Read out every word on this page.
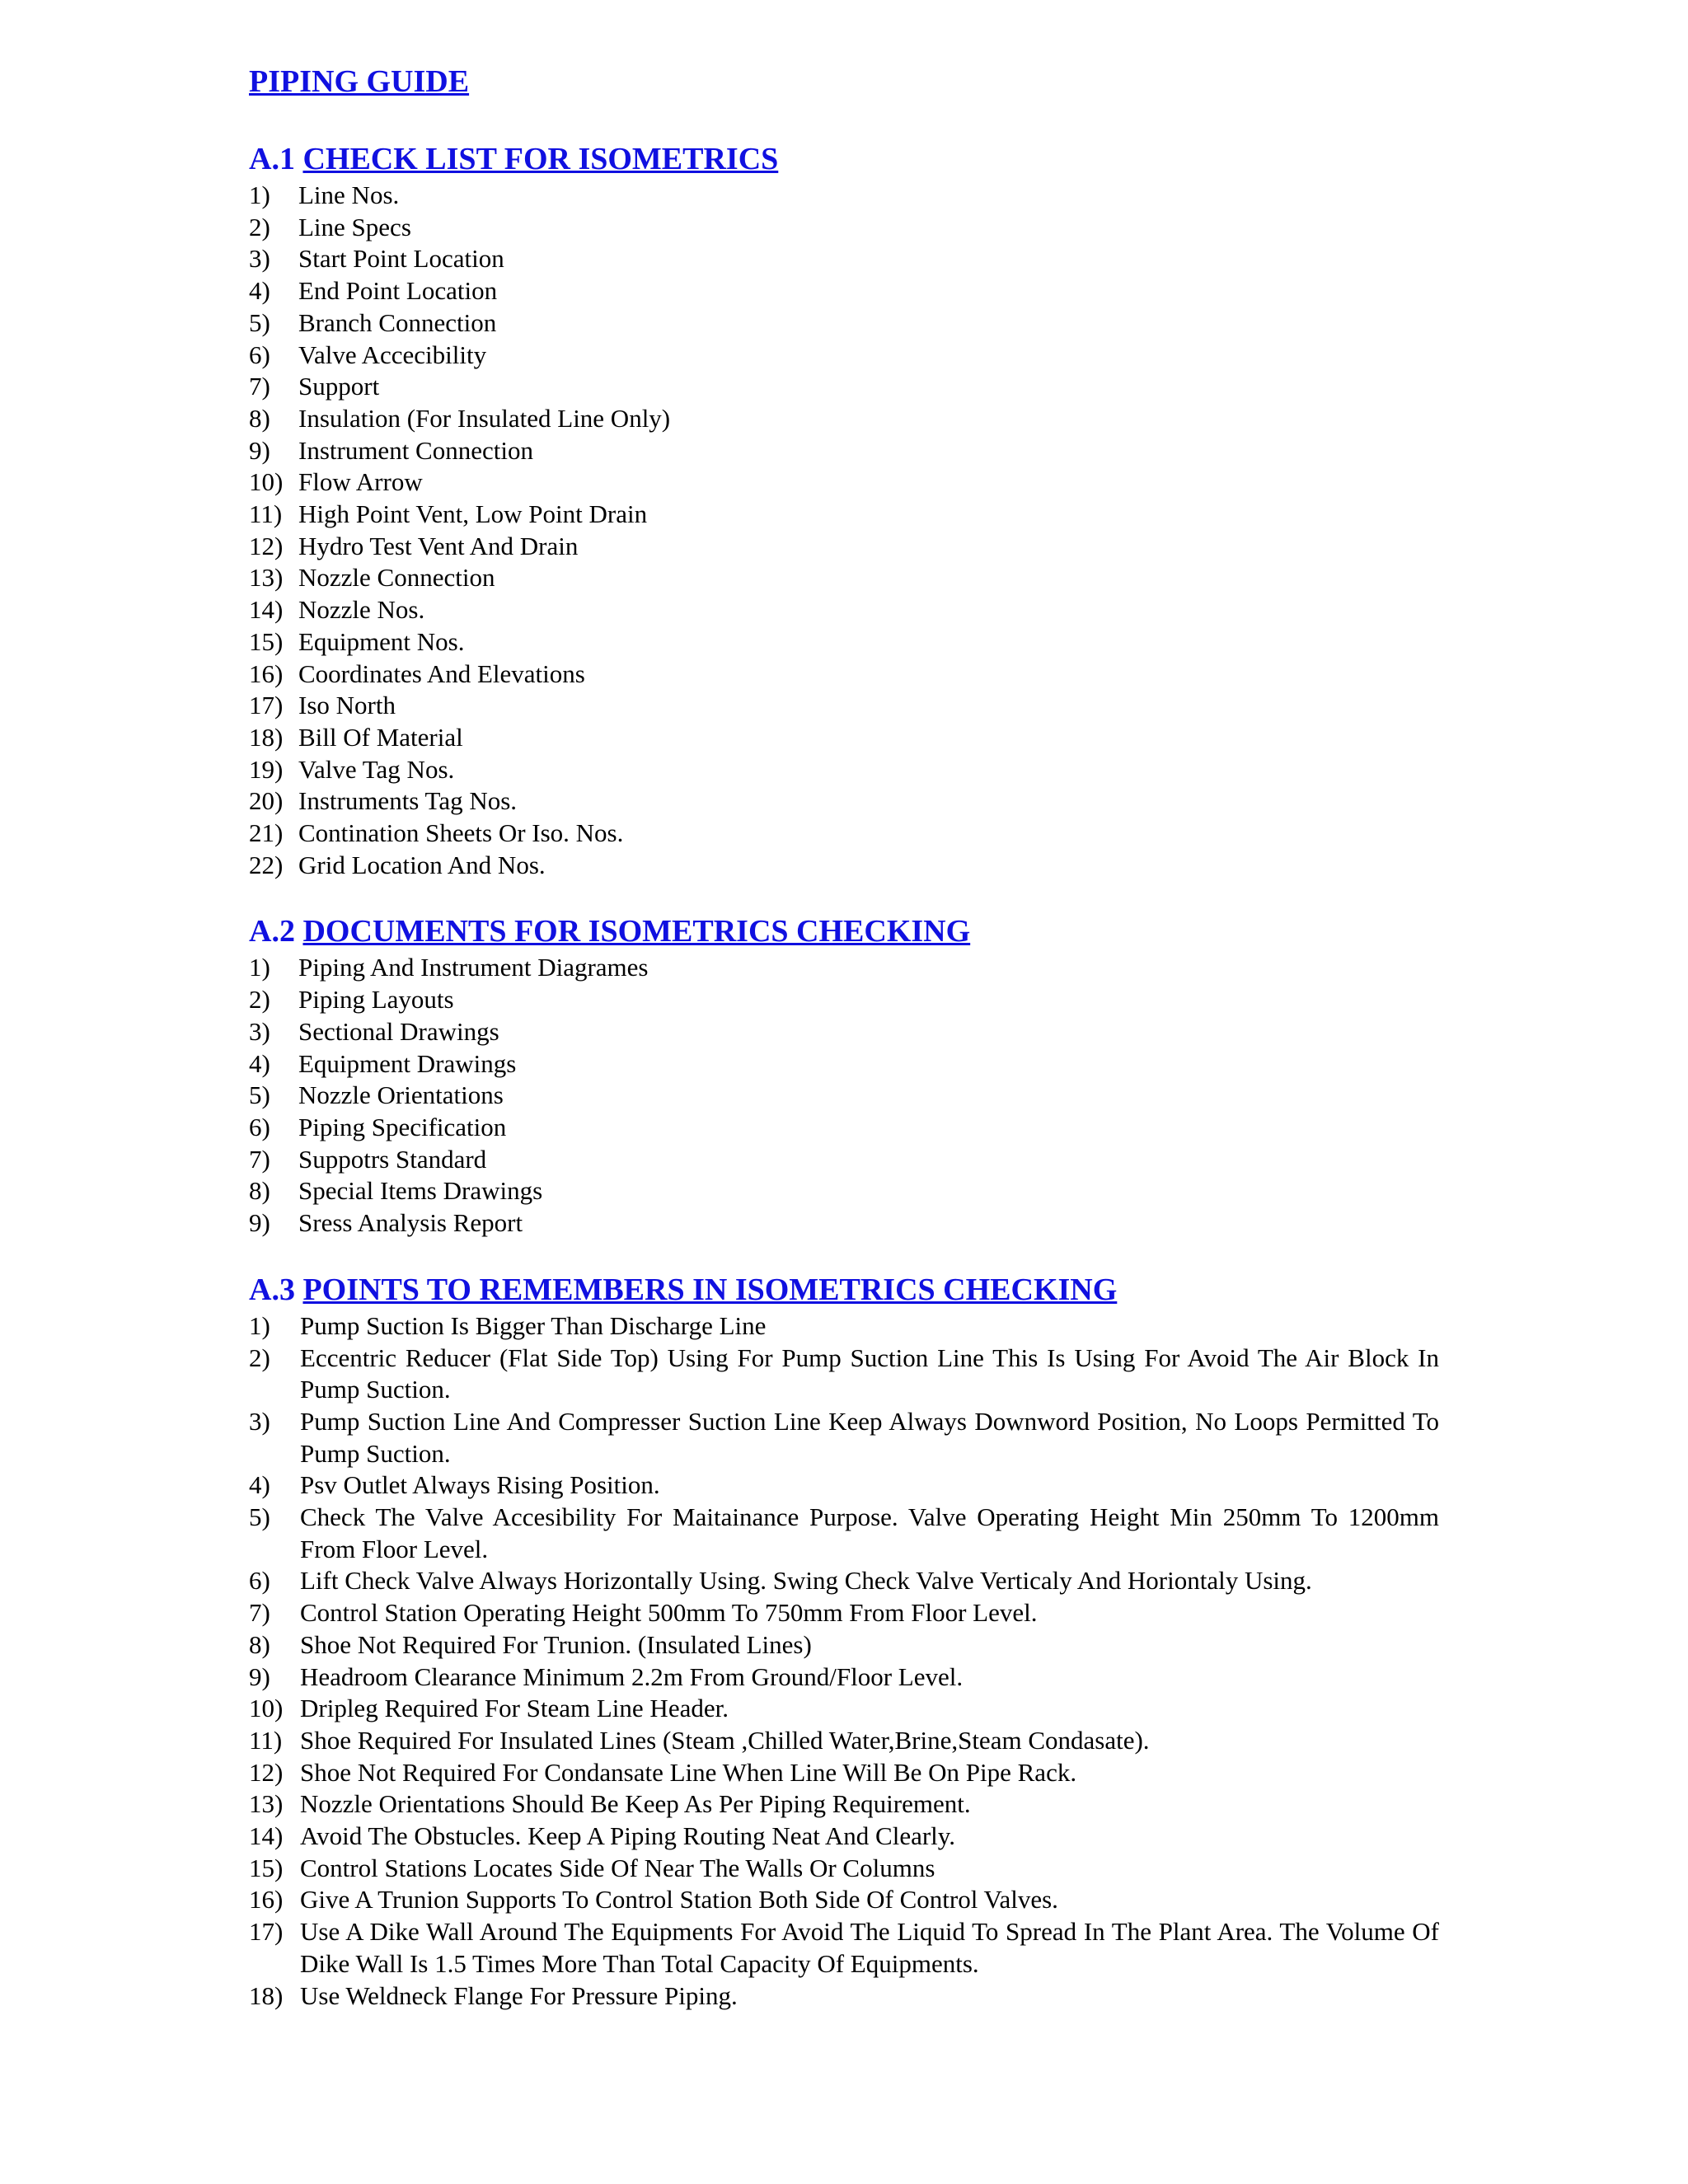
PIPING GUIDE
A.1 CHECK LIST FOR ISOMETRICS
1)	Line Nos.
2)	Line Specs
3)	Start Point Location
4)	End Point Location
5)	Branch Connection
6)	Valve Accecibility
7)	Support
8)	Insulation (For Insulated Line Only)
9)	Instrument Connection
10) Flow Arrow
11) High Point Vent, Low Point Drain
12) Hydro Test Vent And Drain
13) Nozzle Connection
14) Nozzle Nos.
15) Equipment Nos.
16) Coordinates And Elevations
17) Iso North
18) Bill Of Material
19) Valve Tag Nos.
20) Instruments Tag Nos.
21) Contination Sheets Or Iso. Nos.
22) Grid Location And Nos.
A.2 DOCUMENTS FOR ISOMETRICS CHECKING
1)	Piping And Instrument Diagrames
2)	Piping Layouts
3)	Sectional Drawings
4)	Equipment Drawings
5)	Nozzle Orientations
6)	Piping Specification
7)	Suppotrs Standard
8)	Special Items Drawings
9)	Sress Analysis Report
A.3 POINTS TO REMEMBERS IN ISOMETRICS CHECKING
1)	Pump Suction Is Bigger Than Discharge Line
2)	Eccentric Reducer (Flat Side Top) Using For Pump Suction Line This Is Using For Avoid The Air Block In Pump Suction.
3)	Pump Suction Line And Compresser Suction Line Keep Always Downword Position, No Loops Permitted To Pump Suction.
4)	Psv Outlet Always Rising Position.
5)	Check The Valve Accesibility For Maitainance Purpose. Valve Operating Height Min 250mm To 1200mm From Floor Level.
6)	Lift Check Valve Always Horizontally Using. Swing Check Valve Verticaly And Horiontaly Using.
7)	Control Station Operating Height 500mm To 750mm From Floor Level.
8)	Shoe Not Required For Trunion. (Insulated Lines)
9)	Headroom Clearance Minimum 2.2m From Ground/Floor Level.
10) Dripleg Required For Steam Line Header.
11) Shoe Required For Insulated Lines (Steam ,Chilled Water,Brine,Steam Condasate).
12) Shoe Not Required For Condansate Line When Line Will Be On Pipe Rack.
13) Nozzle Orientations Should Be Keep As Per Piping Requirement.
14) Avoid The Obstucles. Keep A Piping Routing Neat And Clearly.
15) Control Stations Locates Side Of Near The Walls Or Columns
16) Give A Trunion Supports To Control Station Both Side Of Control Valves.
17) Use A Dike Wall Around The Equipments For Avoid The Liquid To Spread In The Plant Area. The Volume Of Dike Wall Is 1.5 Times More Than Total Capacity Of Equipments.
18) Use Weldneck Flange For Pressure Piping.
